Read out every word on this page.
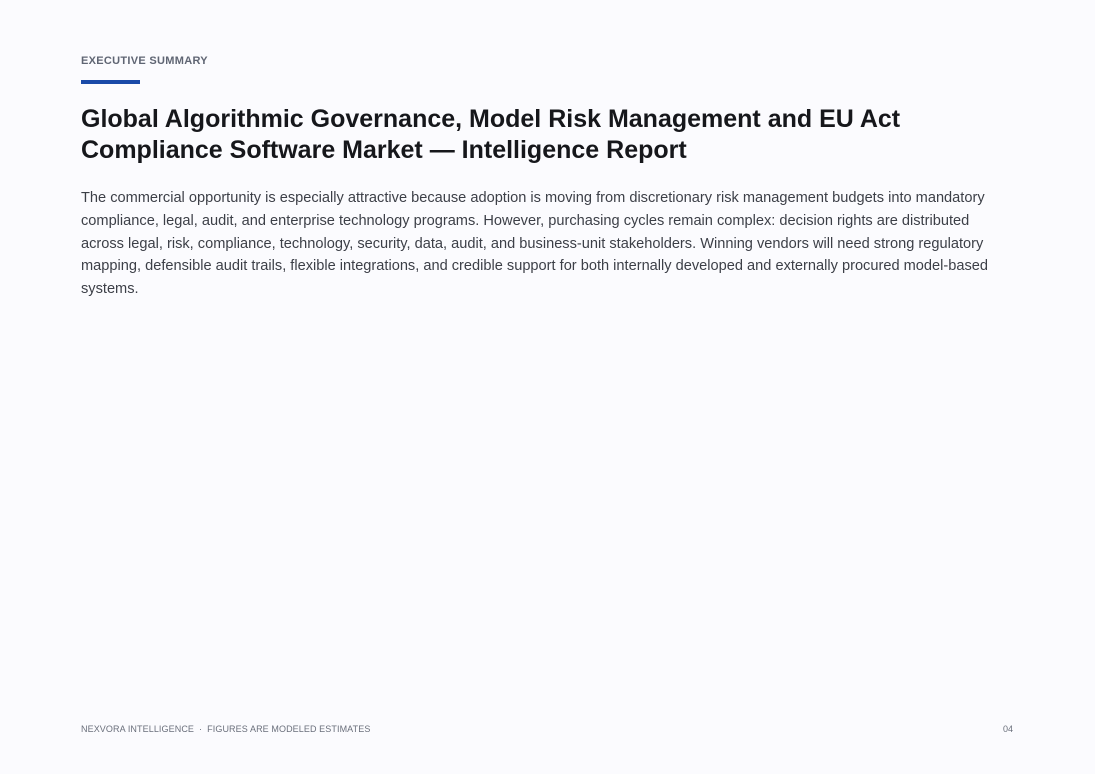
EXECUTIVE SUMMARY
Global Algorithmic Governance, Model Risk Management and EU Act
Compliance Software Market — Intelligence Report

The commercial opportunity is especially attractive because adoption is moving from discretionary risk management budgets into mandatory compliance, legal, audit, and enterprise technology programs. However, purchasing cycles remain complex: decision rights are distributed across legal, risk, compliance, technology, security, data, audit, and business-unit stakeholders. Winning vendors will need strong regulatory mapping, defensible audit trails, flexible integrations, and credible support for both internally developed and externally procured model-based systems.

NEXVORA INTELLIGENCE · FIGURES ARE MODELED ESTIMATES	04
